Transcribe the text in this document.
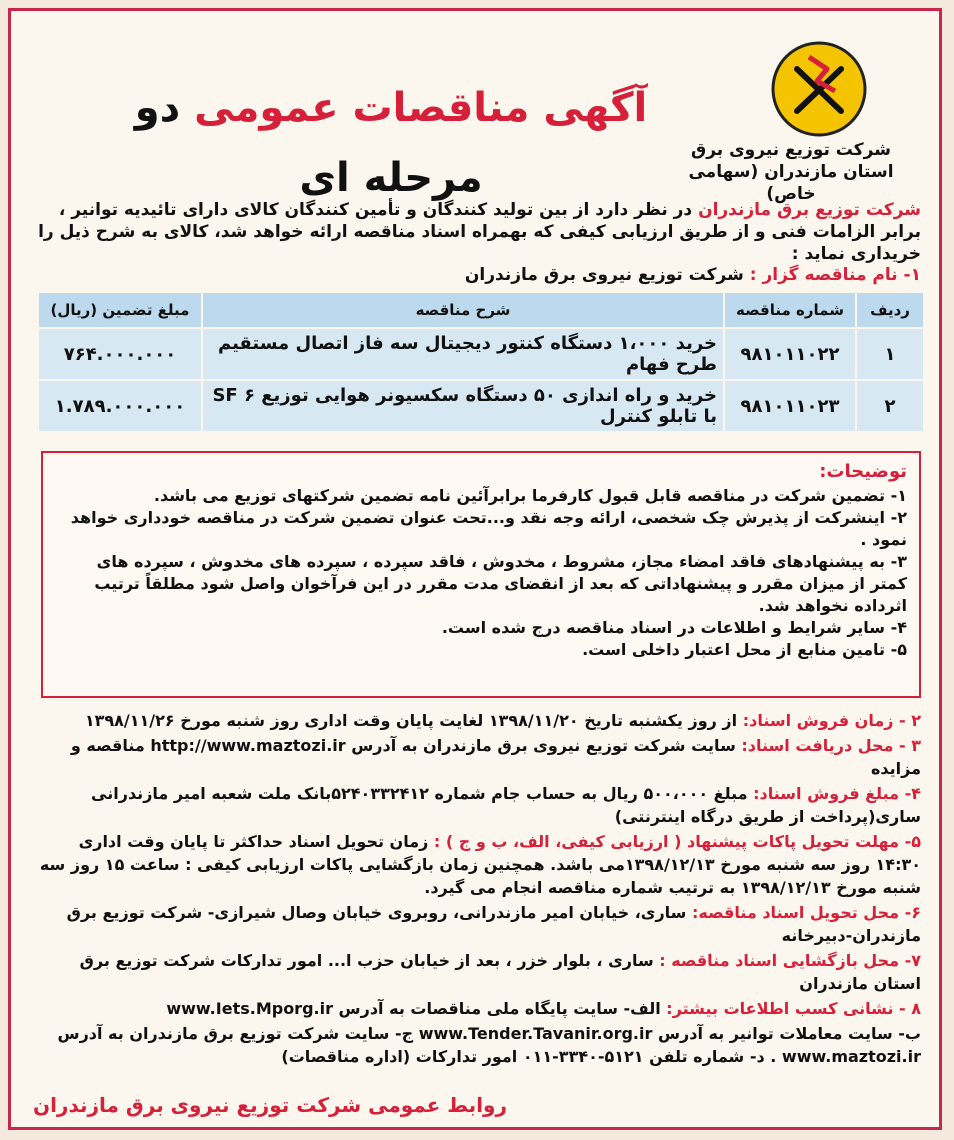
شرکت توزیع نیروی برق
استان مازندران (سهامی خاص)
آگهی مناقصات عمومی دو مرحله ای
شرکت توزیع برق مازندران در نظر دارد از بین تولید کنندگان و تأمین کنندگان کالای دارای تائیدیه توانیر ، برابر الزامات فنی و از طریق ارزیابی کیفی که بهمراه اسناد مناقصه ارائه خواهد شد، کالای به شرح ذیل را خریداری نماید :
۱- نام مناقصه گزار : شرکت توزیع نیروی برق مازندران
ردیف	شماره مناقصه	شرح مناقصه	مبلغ تضمین (ریال)
۱	۹۸۱۰۱۱۰۲۲	خرید ۱،۰۰۰ دستگاه کنتور دیجیتال سه فاز اتصال مستقیم طرح فهام	۷۶۴.۰۰۰.۰۰۰
۲	۹۸۱۰۱۱۰۲۳	خرید و راه اندازی ۵۰ دستگاه سکسیونر هوایی توزیع SF ۶ با تابلو کنترل	۱.۷۸۹.۰۰۰.۰۰۰
توضیحات:

۱- تضمین شرکت در مناقصه قابل قبول کارفرما برابرآئین نامه تضمین شرکتهای توزیع می باشد.

۲- اینشرکت از پذیرش چک شخصی، ارائه وجه نقد و...تحت عنوان تضمین شرکت در مناقصه خودداری خواهد نمود .

۳- به پیشنهادهای فاقد امضاء مجاز، مشروط ، مخدوش ، فاقد سپرده ، سپرده های مخدوش ، سپرده های کمتر از میزان مقرر و پیشنهاداتی که بعد از انقضای مدت مقرر در این فرآخوان واصل شود مطلقاً ترتیب اثرداده نخواهد شد.

۴- سایر شرایط و اطلاعات در اسناد مناقصه درج شده است.

۵- تامین منابع از محل اعتبار داخلی است.

۲ - زمان فروش اسناد: از روز یکشنبه تاریخ ۱۳۹۸/۱۱/۲۰ لغایت پایان وقت اداری روز شنبه مورخ ۱۳۹۸/۱۱/۲۶

۳ - محل دریافت اسناد: سایت شرکت توزیع نیروی برق مازندران به آدرس http://www.maztozi.ir مناقصه و مزایده

۴- مبلغ فروش اسناد: مبلغ ۵۰۰،۰۰۰ ریال به حساب جام شماره ۵۲۴۰۳۳۲۴۱۲بانک ملت شعبه امیر مازندرانی ساری(پرداخت از طریق درگاه اینترنتی)

۵- مهلت تحویل پاکات پیشنهاد ( ارزیابی کیفی، الف، ب و ج ) : زمان تحویل اسناد حداکثر تا پایان وقت اداری ۱۴:۳۰ روز سه شنبه مورخ ۱۳۹۸/۱۲/۱۳می باشد. همچنین زمان بازگشایی پاکات ارزیابی کیفی : ساعت ۱۵ روز سه شنبه مورخ ۱۳۹۸/۱۲/۱۳ به ترتیب شماره مناقصه انجام می گیرد.

۶- محل تحویل اسناد مناقصه: ساری، خیابان امیر مازندرانی، روبروی خیابان وصال شیرازی- شرکت توزیع برق مازندران-دبیرخانه

۷- محل بازگشایی اسناد مناقصه : ساری ، بلوار خزر ، بعد از خیابان حزب ا... امور تدارکات شرکت توزیع برق استان مازندران

۸ - نشانی کسب اطلاعات بیشتر: الف- سایت پایگاه ملی مناقصات به آدرس www.Iets.Mporg.ir

ب- سایت معاملات توانیر به آدرس www.Tender.Tavanir.org.ir ج- سایت شرکت توزیع برق مازندران به آدرس www.maztozi.ir . د- شماره تلفن ۵۱۲۱-۳۳۴۰-۰۱۱ امور تدارکات (اداره مناقصات)

روابط عمومی شرکت توزیع نیروی برق مازندران
